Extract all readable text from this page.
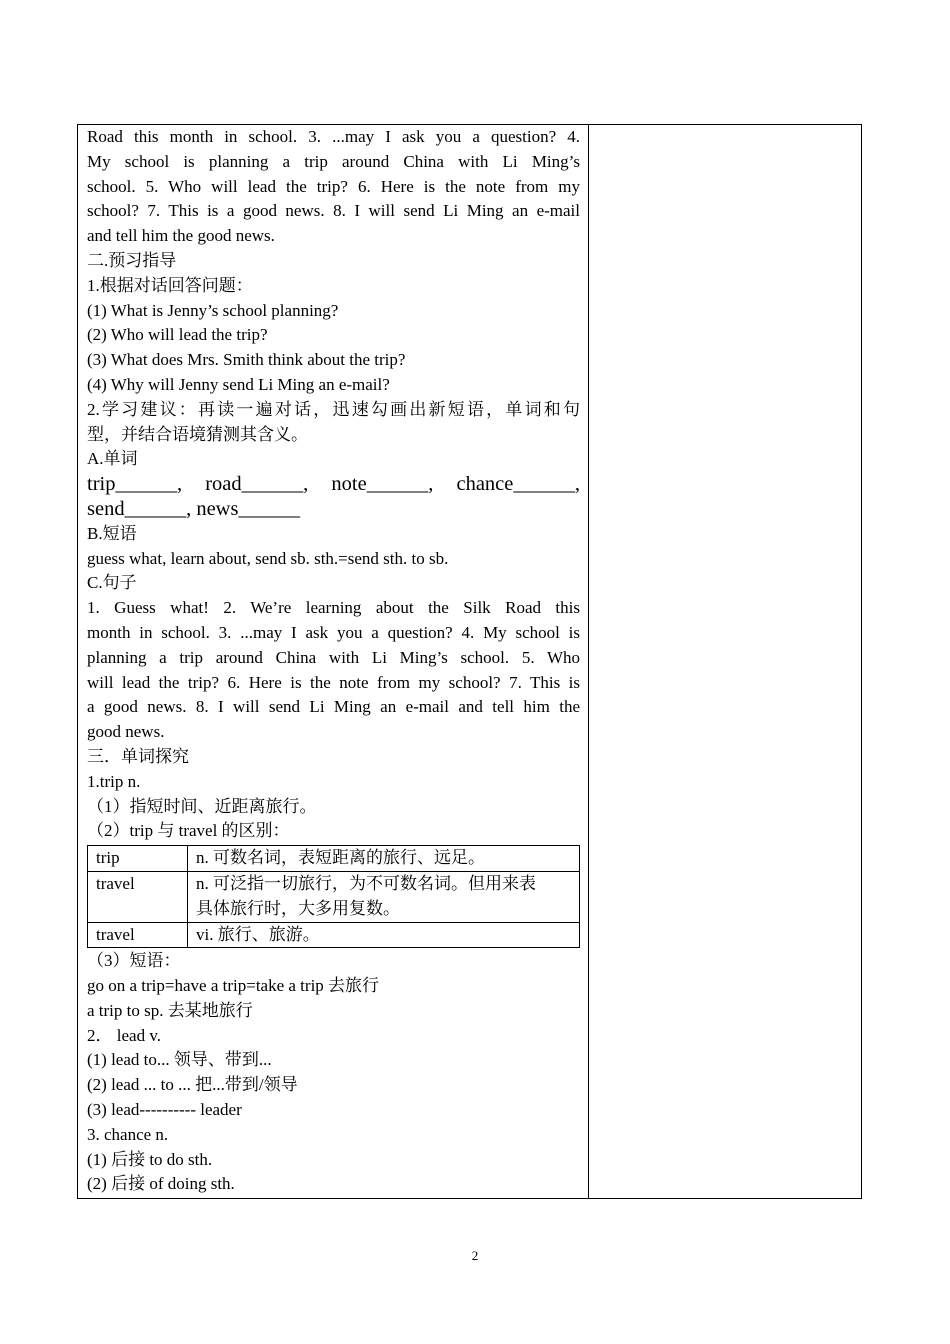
Road this month in school. 3. ...may I ask you a question? 4.
My school is planning a trip around China with Li Ming’s
school. 5. Who will lead the trip? 6. Here is the note from my
school? 7. This is a good news. 8. I will send Li Ming an e-mail
and tell him the good news.
二.预习指导
1.根据对话回答问题：
(1) What is Jenny’s school planning?
(2) Who will lead the trip?
(3) What does Mrs. Smith think about the trip?
(4) Why will Jenny send Li Ming an e-mail?
2.学习建议：再读一遍对话，迅速勾画出新短语，单词和句
型，并结合语境猜测其含义。
A.单词
trip______, road______, note______, chance______,
send______, news______
B.短语
guess what, learn about, send sb. sth.=send sth. to sb.
C.句子
1. Guess what! 2. We’re learning about the Silk Road this
month in school. 3. ...may I ask you a question? 4. My school is
planning a trip around China with Li Ming’s school. 5. Who
will lead the trip? 6. Here is the note from my school? 7. This is
a good news. 8. I will send Li Ming an e-mail and tell him the
good news.
三．单词探究
1.trip n.
（1）指短时间、近距离旅行。
（2）trip 与 travel 的区别：
trip	n. 可数名词，表短距离的旅行、远足。

travel	n. 可泛指一切旅行，为不可数名词。但用来表
具体旅行时，大多用复数。

travel	vi. 旅行、旅游。
（3）短语：
go on a trip=have a trip=take a trip 去旅行
a trip to sp. 去某地旅行
2． lead v.
(1) lead to... 领导、带到...
(2) lead ... to ... 把...带到/领导
(3) lead---------- leader
3. chance n.
(1) 后接 to do sth.
(2) 后接 of doing sth.
2
